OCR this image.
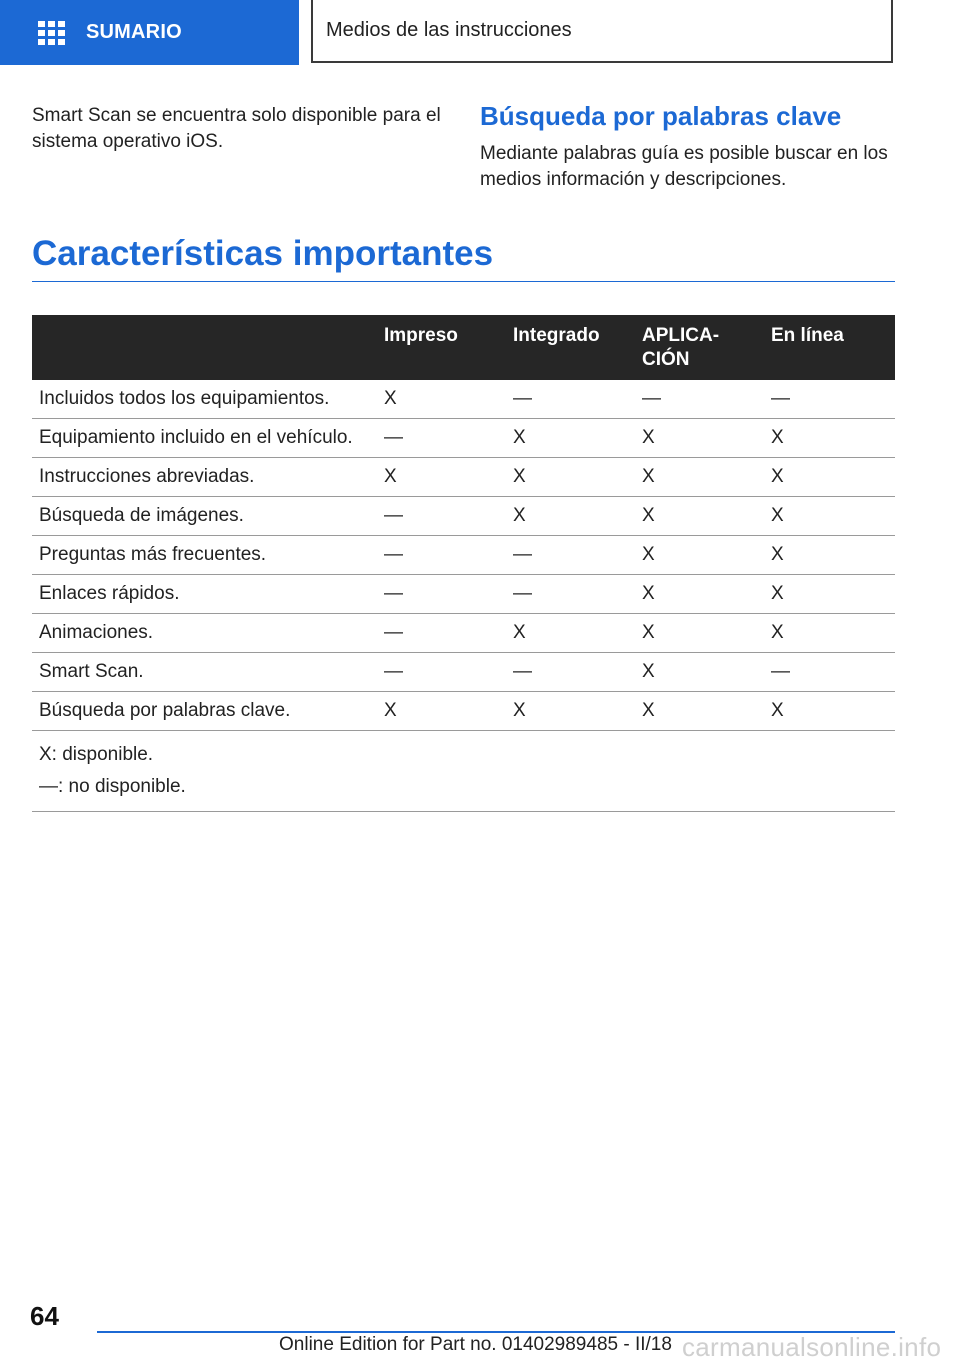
SUMARIO	Medios de las instrucciones
Smart Scan se encuentra solo disponible para el sistema operativo iOS.
Búsqueda por palabras clave
Mediante palabras guía es posible buscar en los medios información y descripciones.
Características importantes
	Impreso	Integrado	APLICACIÓN	En línea
Incluidos todos los equipamientos.	X	—	—	—
Equipamiento incluido en el vehículo.	—	X	X	X
Instrucciones abreviadas.	X	X	X	X
Búsqueda de imágenes.	—	X	X	X
Preguntas más frecuentes.	—	—	X	X
Enlaces rápidos.	—	—	X	X
Animaciones.	—	X	X	X
Smart Scan.	—	—	X	—
Búsqueda por palabras clave.	X	X	X	X

X: disponible.
—: no disponible.				
64
Online Edition for Part no. 01402989485 - II/18 carmanualsonline.info
